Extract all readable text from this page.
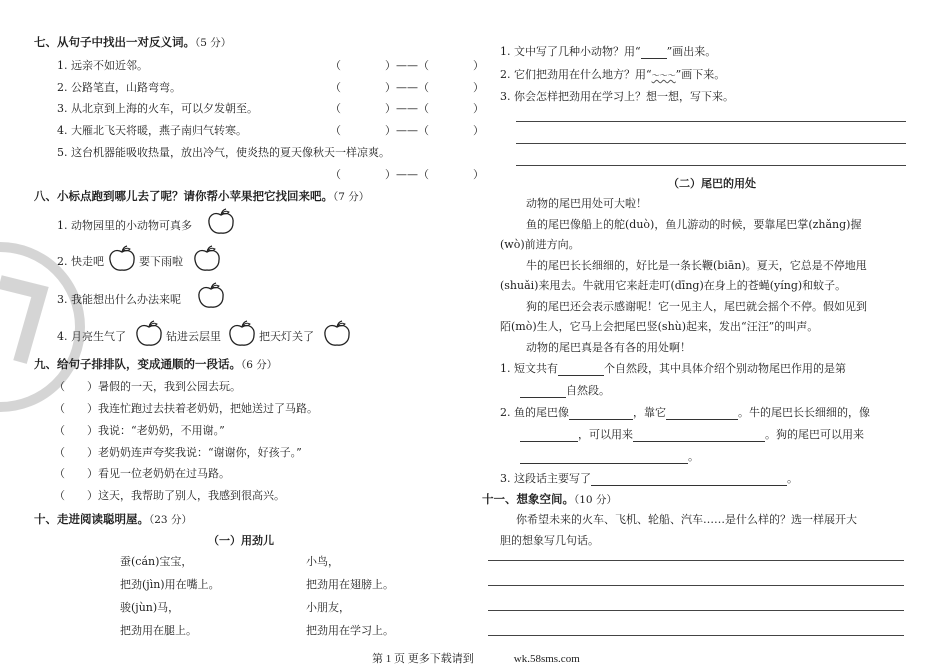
七、从句子中找出一对反义词。（5 分）
1. 远亲不如近邻。
2. 公路笔直，山路弯弯。
3. 从北京到上海的火车，可以夕发朝至。
4. 大雁北飞天将暖，燕子南归气转寒。
5. 这台机器能吸收热量，放出冷气，使炎热的夏天像秋天一样凉爽。
（　　　　）——（　　　　）
（　　　　）——（　　　　）
（　　　　）——（　　　　）
（　　　　）——（　　　　）
（　　　　）——（　　　　）
八、小标点跑到哪儿去了呢？请你帮小苹果把它找回来吧。（7 分）
1. 动物园里的小动物可真多
2. 快走吧	要下雨啦
3. 我能想出什么办法来呢
4. 月亮生气了	钻进云层里	把天灯关了
九、给句子排排队，变成通顺的一段话。（6 分）
（　　）暑假的一天，我到公园去玩。
（　　）我连忙跑过去扶着老奶奶，把她送过了马路。
（　　）我说：“老奶奶，不用谢。”
（　　）老奶奶连声夸奖我说：“谢谢你，好孩子。”
（　　）看见一位老奶奶在过马路。
（　　）这天，我帮助了别人，我感到很高兴。
十、走进阅读聪明屋。（23 分）
（一）用劲儿
蚕(cán)宝宝，	小鸟，
把劲(jìn)用在嘴上。	把劲用在翅膀上。
骏(jùn)马，	小朋友，
把劲用在腿上。	把劲用在学习上。
1. 文中写了几种小动物？用“ ”画出来。
2. 它们把劲用在什么地方？用“～～～”画下来。
3. 你会怎样把劲用在学习上？想一想，写下来。
（二）尾巴的用处
动物的尾巴用处可大啦！
鱼的尾巴像船上的舵(duò)，鱼儿游动的时候，要靠尾巴掌(zhǎng)握
(wò)前进方向。
牛的尾巴长长细细的，好比是一条长鞭(biān)。夏天，它总是不停地甩
(shuǎi)来甩去。牛就用它来赶走叮(dīng)在身上的苍蝇(yíng)和蚊子。
狗的尾巴还会表示感谢呢！它一见主人，尾巴就会摇个不停。假如见到
陌(mò)生人，它马上会把尾巴竖(shù)起来，发出“汪汪”的叫声。
动物的尾巴真是各有各的用处啊！
1. 短文共有	个自然段，其中具体介绍个别动物尾巴作用的是第
自然段。
2. 鱼的尾巴像	，靠它	。牛的尾巴长长细细的，像
，可以用来	。狗的尾巴可以用来
。
3. 这段话主要写了	。
十一、想象空间。（10 分）
你希望未来的火车、飞机、轮船、汽车……是什么样的？选一样展开大
胆的想象写几句话。
第 1 页 更多下载请到	wk.58sms.com
